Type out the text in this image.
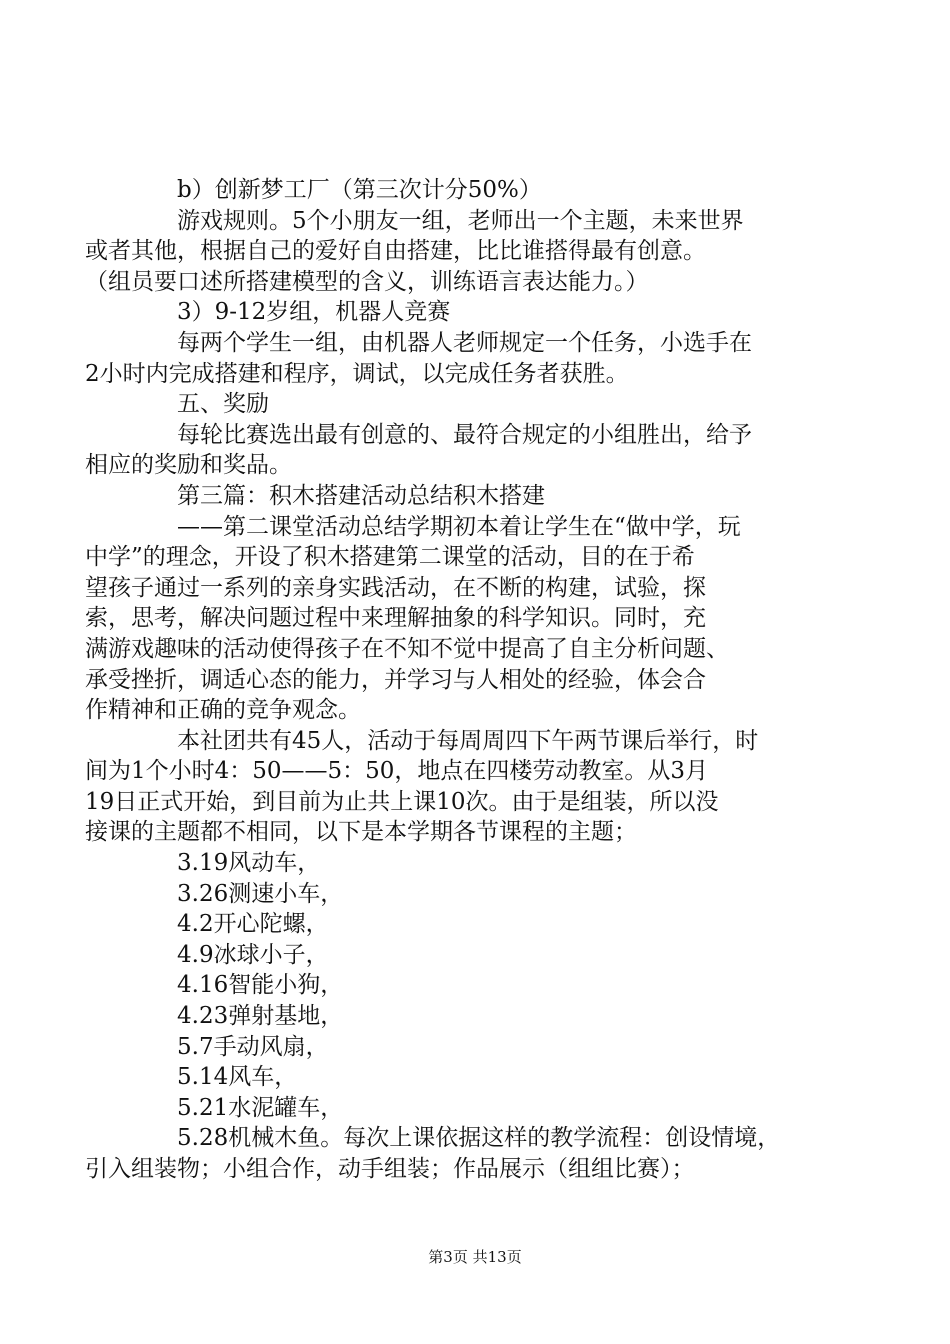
b）创新梦工厂（第三次计分50%）

游戏规则。5个小朋友一组，老师出一个主题，未来世界
或者其他，根据自己的爱好自由搭建，比比谁搭得最有创意。
（组员要口述所搭建模型的含义，训练语言表达能力。）

3）9-12岁组，机器人竞赛

每两个学生一组，由机器人老师规定一个任务，小选手在
2小时内完成搭建和程序，调试，以完成任务者获胜。

五、奖励

每轮比赛选出最有创意的、最符合规定的小组胜出，给予
相应的奖励和奖品。

第三篇：积木搭建活动总结积木搭建

——第二课堂活动总结学期初本着让学生在“做中学，玩
中学”的理念，开设了积木搭建第二课堂的活动，目的在于希
望孩子通过一系列的亲身实践活动，在不断的构建，试验，探
索，思考，解决问题过程中来理解抽象的科学知识。同时，充
满游戏趣味的活动使得孩子在不知不觉中提高了自主分析问题、
承受挫折，调适心态的能力，并学习与人相处的经验，体会合
作精神和正确的竞争观念。

本社团共有45人，活动于每周周四下午两节课后举行，时
间为1个小时4：50——5：50，地点在四楼劳动教室。从3月
19日正式开始，到目前为止共上课10次。由于是组装，所以没
接课的主题都不相同，以下是本学期各节课程的主题；

3.19风动车，

3.26测速小车，

4.2开心陀螺，

4.9冰球小子，

4.16智能小狗，

4.23弹射基地，

5.7手动风扇，

5.14风车，

5.21水泥罐车，

5.28机械木鱼。每次上课依据这样的教学流程：创设情境，
引入组装物；小组合作，动手组装；作品展示（组组比赛）；

第3页 共13页
